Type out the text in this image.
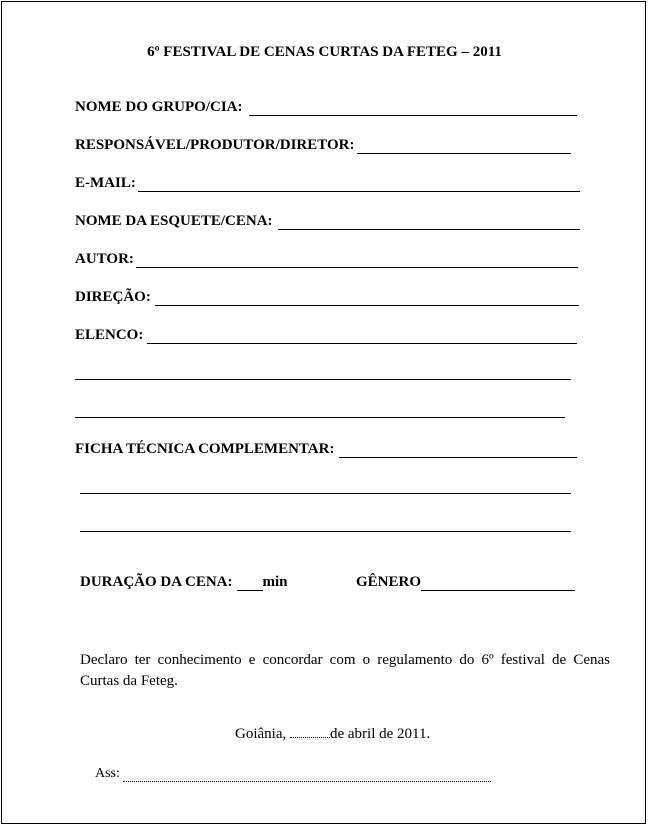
6º FESTIVAL DE CENAS CURTAS DA FETEG – 2011
NOME DO GRUPO/CIA:
RESPONSÁVEL/PRODUTOR/DIRETOR:
E-MAIL:
NOME DA ESQUETE/CENA:
AUTOR:
DIREÇÃO:
ELENCO:
FICHA TÉCNICA COMPLEMENTAR:
DURAÇÃO DA CENA: min	GÊNERO
Declaro ter conhecimento e concordar com o regulamento do 6º festival de Cenas Curtas da Feteg.
Goiânia,	de abril de 2011.
Ass:
